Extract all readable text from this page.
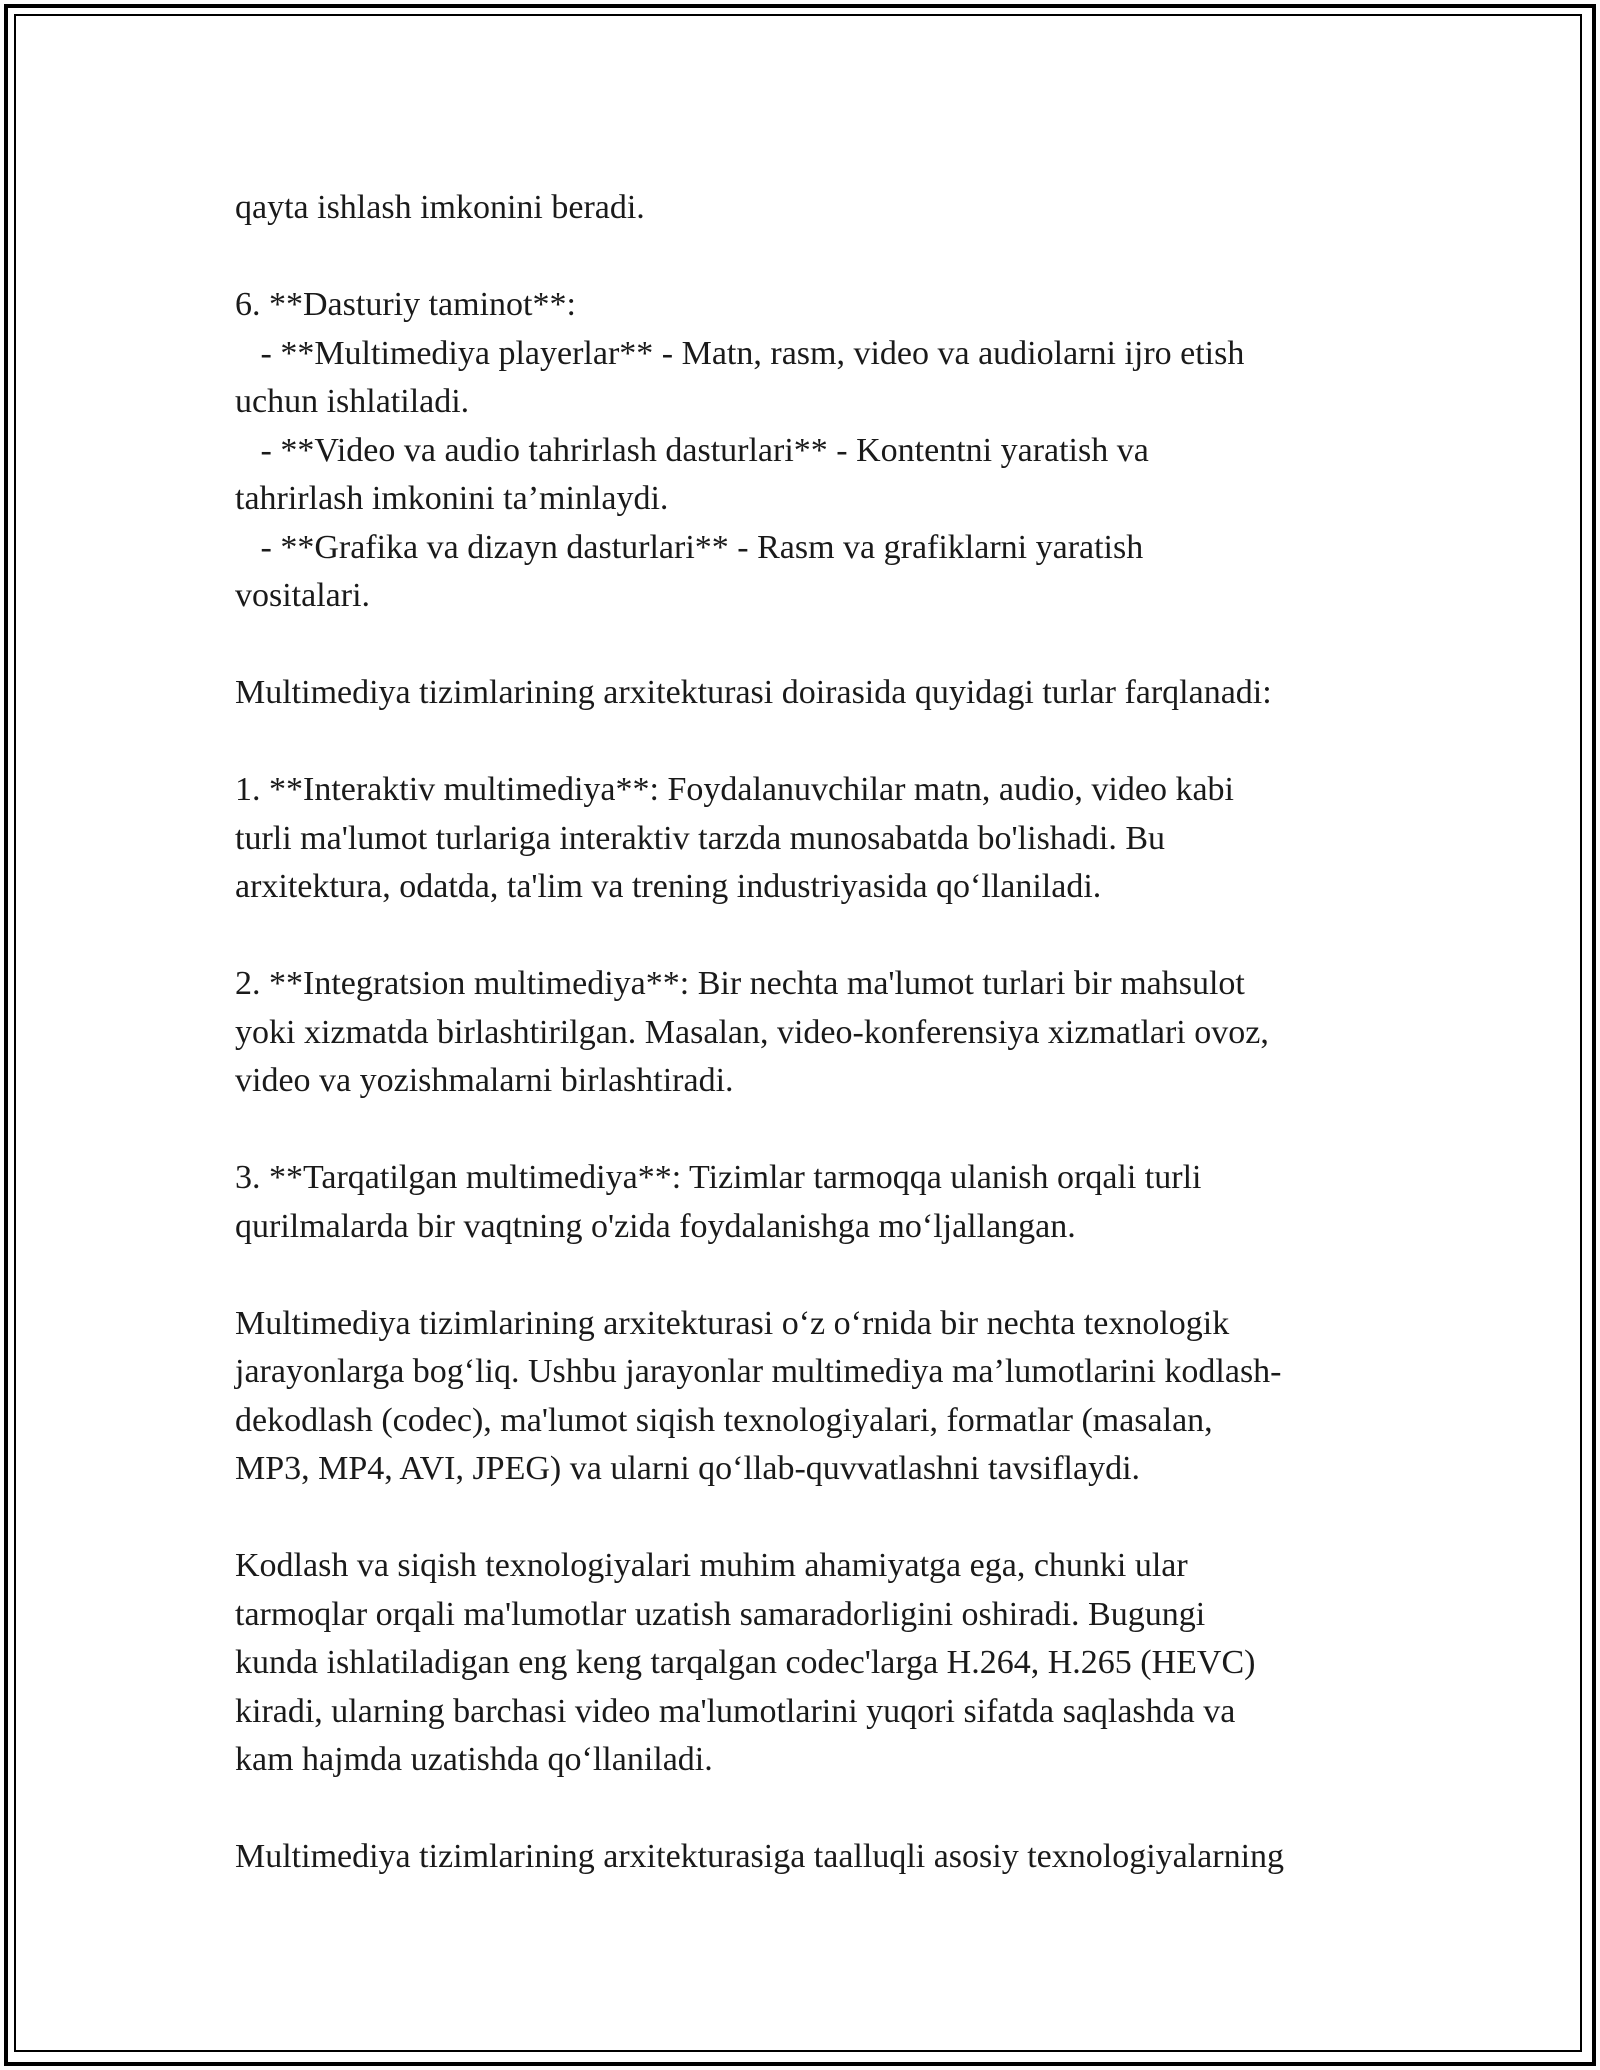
qayta ishlash imkonini beradi.
6. **Dasturiy taminot**:
- **Multimediya playerlar** - Matn, rasm, video va audiolarni ijro etish
uchun ishlatiladi.
- **Video va audio tahrirlash dasturlari** - Kontentni yaratish va
tahrirlash imkonini ta’minlaydi.
- **Grafika va dizayn dasturlari** - Rasm va grafiklarni yaratish
vositalari.
Multimediya tizimlarining arxitekturasi doirasida quyidagi turlar farqlanadi:
1. **Interaktiv multimediya**: Foydalanuvchilar matn, audio, video kabi
turli ma'lumot turlariga interaktiv tarzda munosabatda bo'lishadi. Bu
arxitektura, odatda, ta'lim va trening industriyasida qo‘llaniladi.
2. **Integratsion multimediya**: Bir nechta ma'lumot turlari bir mahsulot
yoki xizmatda birlashtirilgan. Masalan, video-konferensiya xizmatlari ovoz,
video va yozishmalarni birlashtiradi.
3. **Tarqatilgan multimediya**: Tizimlar tarmoqqa ulanish orqali turli
qurilmalarda bir vaqtning o'zida foydalanishga mo‘ljallangan.
Multimediya tizimlarining arxitekturasi o‘z o‘rnida bir nechta texnologik
jarayonlarga bog‘liq. Ushbu jarayonlar multimediya ma’lumotlarini kodlash-
dekodlash (codec), ma'lumot siqish texnologiyalari, formatlar (masalan,
MP3, MP4, AVI, JPEG) va ularni qo‘llab-quvvatlashni tavsiflaydi.
Kodlash va siqish texnologiyalari muhim ahamiyatga ega, chunki ular
tarmoqlar orqali ma'lumotlar uzatish samaradorligini oshiradi. Bugungi
kunda ishlatiladigan eng keng tarqalgan codec'larga H.264, H.265 (HEVC)
kiradi, ularning barchasi video ma'lumotlarini yuqori sifatda saqlashda va
kam hajmda uzatishda qo‘llaniladi.
Multimediya tizimlarining arxitekturasiga taalluqli asosiy texnologiyalarning
